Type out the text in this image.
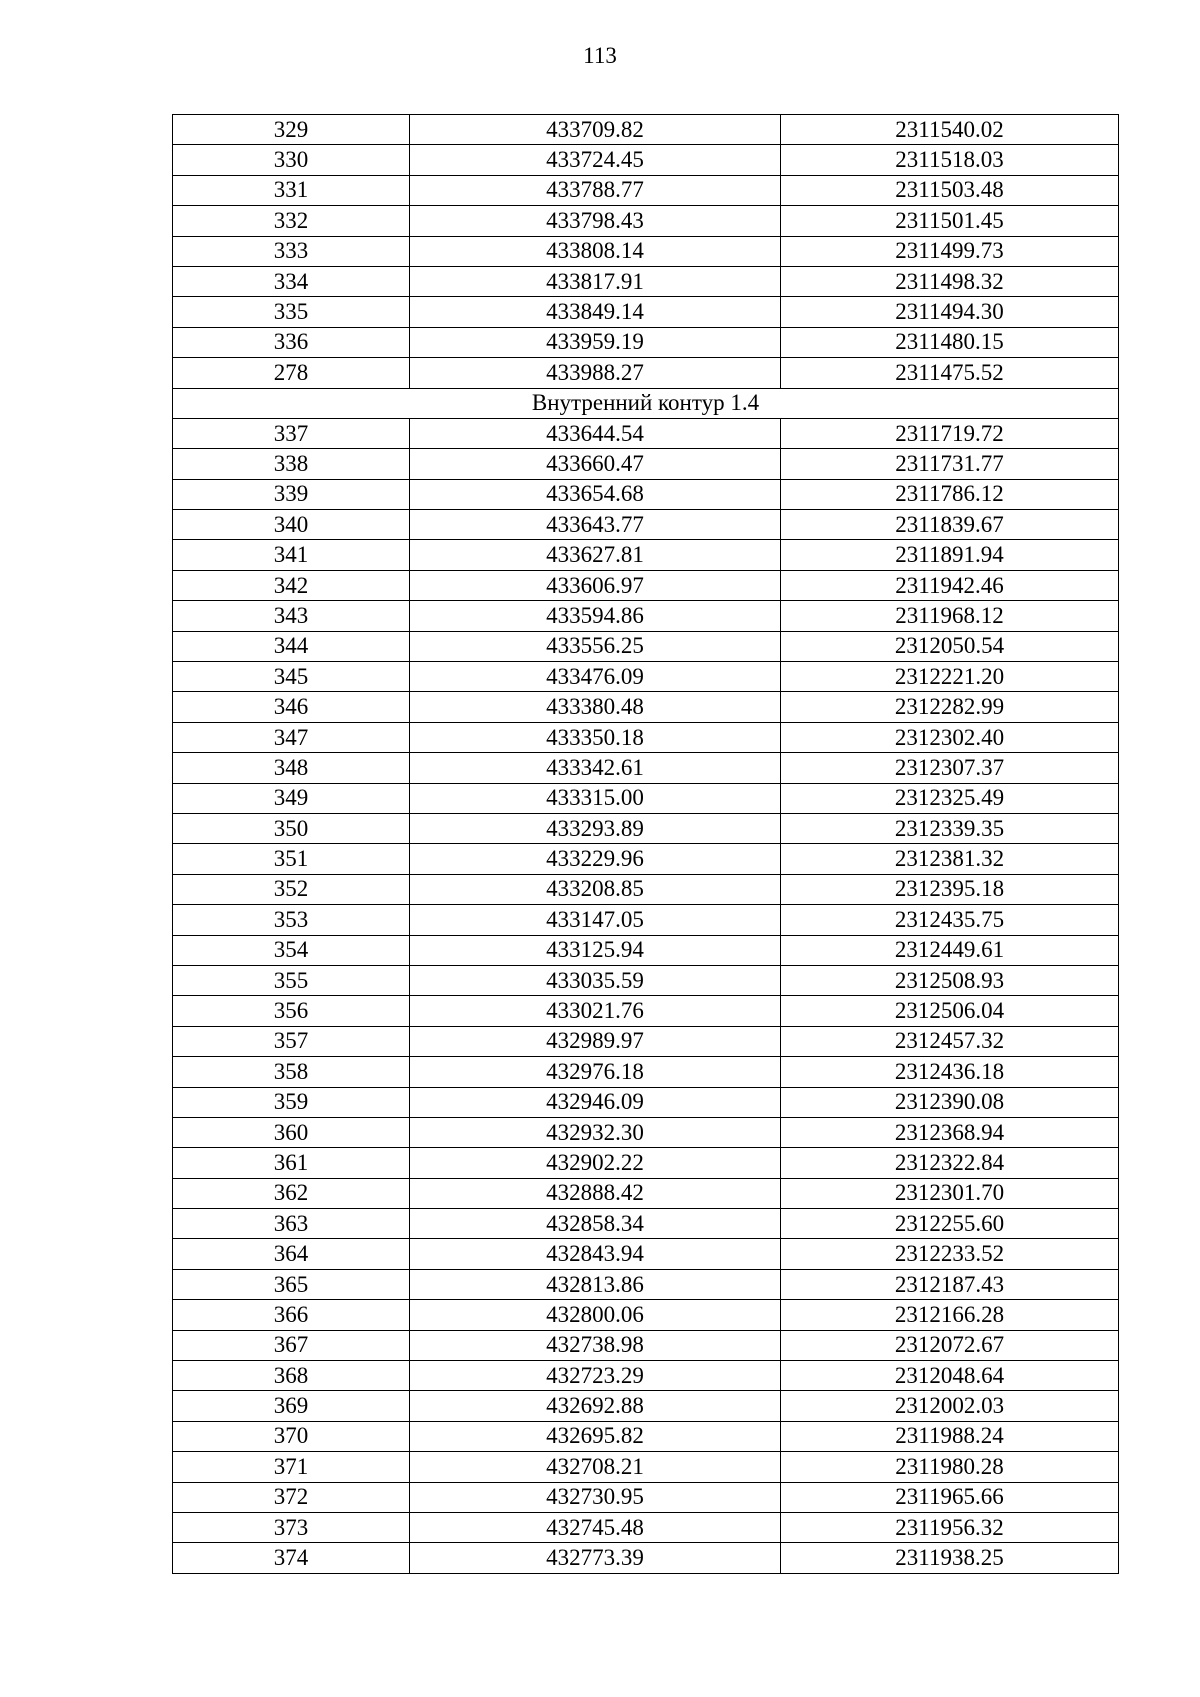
113
329	433709.82	2311540.02
330	433724.45	2311518.03
331	433788.77	2311503.48
332	433798.43	2311501.45
333	433808.14	2311499.73
334	433817.91	2311498.32
335	433849.14	2311494.30
336	433959.19	2311480.15
278	433988.27	2311475.52
Внутренний контур 1.4		
337	433644.54	2311719.72
338	433660.47	2311731.77
339	433654.68	2311786.12
340	433643.77	2311839.67
341	433627.81	2311891.94
342	433606.97	2311942.46
343	433594.86	2311968.12
344	433556.25	2312050.54
345	433476.09	2312221.20
346	433380.48	2312282.99
347	433350.18	2312302.40
348	433342.61	2312307.37
349	433315.00	2312325.49
350	433293.89	2312339.35
351	433229.96	2312381.32
352	433208.85	2312395.18
353	433147.05	2312435.75
354	433125.94	2312449.61
355	433035.59	2312508.93
356	433021.76	2312506.04
357	432989.97	2312457.32
358	432976.18	2312436.18
359	432946.09	2312390.08
360	432932.30	2312368.94
361	432902.22	2312322.84
362	432888.42	2312301.70
363	432858.34	2312255.60
364	432843.94	2312233.52
365	432813.86	2312187.43
366	432800.06	2312166.28
367	432738.98	2312072.67
368	432723.29	2312048.64
369	432692.88	2312002.03
370	432695.82	2311988.24
371	432708.21	2311980.28
372	432730.95	2311965.66
373	432745.48	2311956.32
374	432773.39	2311938.25
